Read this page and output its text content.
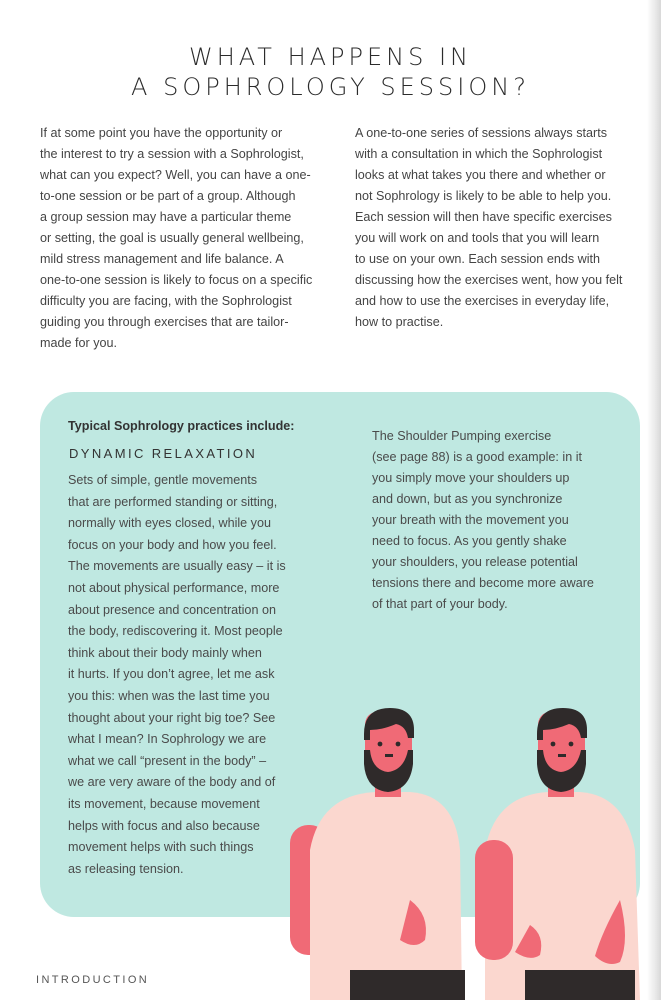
WHAT HAPPENS IN
A SOPHROLOGY SESSION?
If at some point you have the opportunity or
the interest to try a session with a Sophrologist,
what can you expect? Well, you can have a one-
to-one session or be part of a group. Although
a group session may have a particular theme
or setting, the goal is usually general wellbeing,
mild stress management and life balance. A
one-to-one session is likely to focus on a specific
difficulty you are facing, with the Sophrologist
guiding you through exercises that are tailor-
made for you.
A one-to-one series of sessions always starts
with a consultation in which the Sophrologist
looks at what takes you there and whether or
not Sophrology is likely to be able to help you.
Each session will then have specific exercises
you will work on and tools that you will learn
to use on your own. Each session ends with
discussing how the exercises went, how you felt
and how to use the exercises in everyday life,
how to practise.
Typical Sophrology practices include:
DYNAMIC RELAXATION
Sets of simple, gentle movements
that are performed standing or sitting,
normally with eyes closed, while you
focus on your body and how you feel.
The movements are usually easy – it is
not about physical performance, more
about presence and concentration on
the body, rediscovering it. Most people
think about their body mainly when
it hurts. If you don’t agree, let me ask
you this: when was the last time you
thought about your right big toe? See
what I mean? In Sophrology we are
what we call “present in the body” –
we are very aware of the body and of
its movement, because movement
helps with focus and also because
movement helps with such things
as releasing tension.
The Shoulder Pumping exercise
(see page 88) is a good example: in it
you simply move your shoulders up
and down, but as you synchronize
your breath with the movement you
need to focus. As you gently shake
your shoulders, you release potential
tensions there and become more aware
of that part of your body.
INTRODUCTION
